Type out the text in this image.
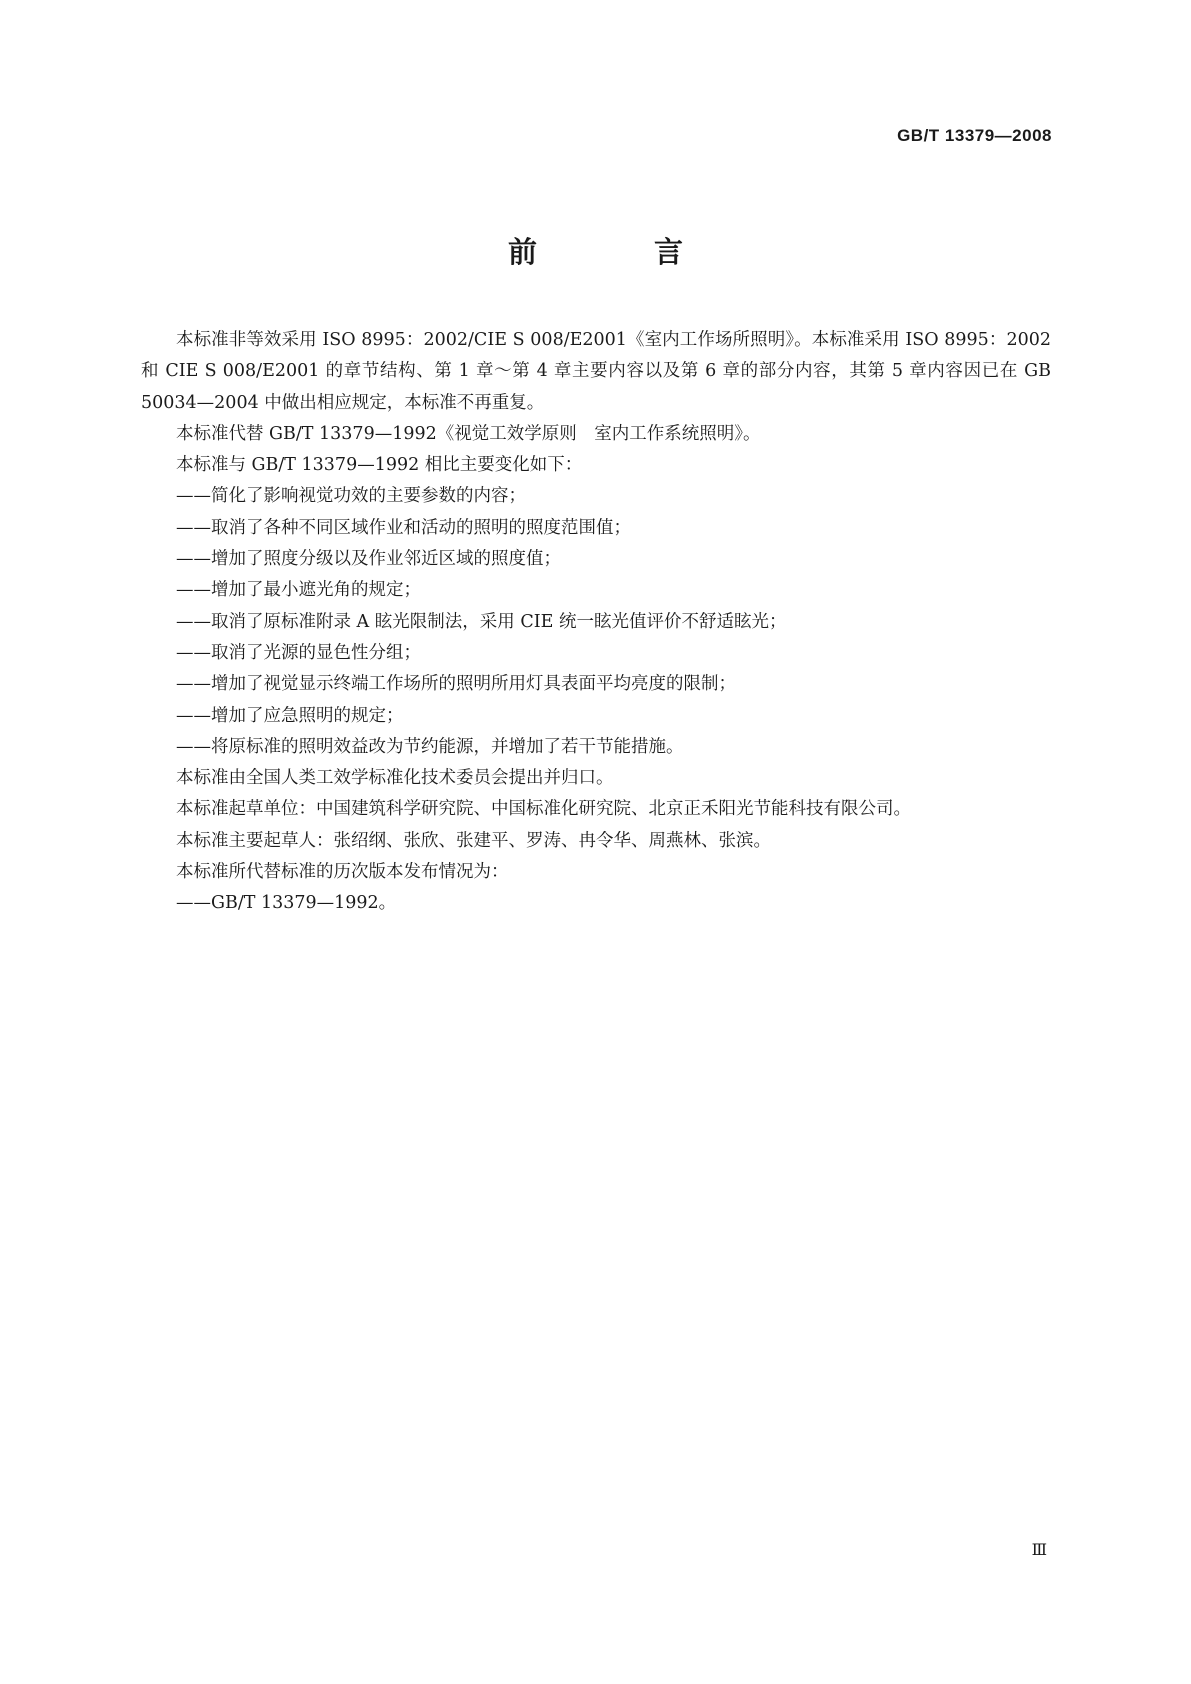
GB/T 13379—2008
前　言

本标准非等效采用 ISO 8995：2002/CIE S 008/E2001《室内工作场所照明》。本标准采用 ISO 8995：2002 和 CIE S 008/E2001 的章节结构、第 1 章～第 4 章主要内容以及第 6 章的部分内容，其第 5 章内容因已在 GB 50034—2004 中做出相应规定，本标准不再重复。

本标准代替 GB/T 13379—1992《视觉工效学原则　室内工作系统照明》。

本标准与 GB/T 13379—1992 相比主要变化如下：

——简化了影响视觉功效的主要参数的内容；

——取消了各种不同区域作业和活动的照明的照度范围值；

——增加了照度分级以及作业邻近区域的照度值；

——增加了最小遮光角的规定；

——取消了原标准附录 A 眩光限制法，采用 CIE 统一眩光值评价不舒适眩光；

——取消了光源的显色性分组；

——增加了视觉显示终端工作场所的照明所用灯具表面平均亮度的限制；

——增加了应急照明的规定；

——将原标准的照明效益改为节约能源，并增加了若干节能措施。

本标准由全国人类工效学标准化技术委员会提出并归口。

本标准起草单位：中国建筑科学研究院、中国标准化研究院、北京正禾阳光节能科技有限公司。

本标准主要起草人：张绍纲、张欣、张建平、罗涛、冉令华、周燕林、张滨。

本标准所代替标准的历次版本发布情况为：

——GB/T 13379—1992。

Ⅲ
